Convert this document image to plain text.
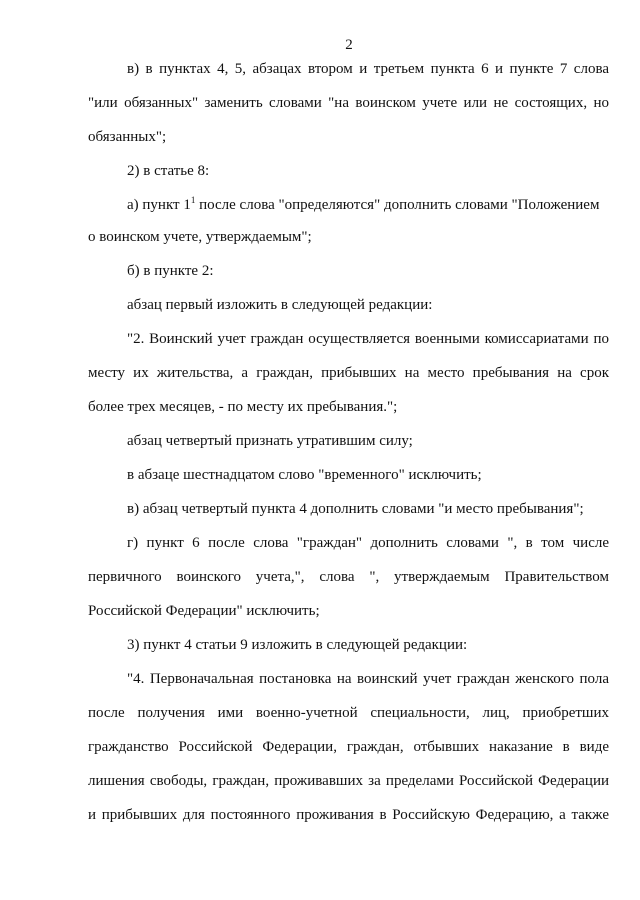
2
в) в пунктах 4, 5, абзацах втором и третьем пункта 6 и пункте 7 слова
"или обязанных" заменить словами "на воинском учете или не состоящих, но
обязанных";
2) в статье 8:
а) пункт $1^1$ после слова "определяются" дополнить словами "Положением
о воинском учете, утверждаемым";
б) в пункте 2:
абзац первый изложить в следующей редакции:
"2. Воинский учет граждан осуществляется военными комиссариатами по
месту их жительства, а граждан, прибывших на место пребывания на срок
более трех месяцев, - по месту их пребывания.";
абзац четвертый признать утратившим силу;
в абзаце шестнадцатом слово "временного" исключить;
в) абзац четвертый пункта 4 дополнить словами "и место пребывания";
г) пункт 6 после слова "граждан" дополнить словами ", в том числе
первичного воинского учета,", слова ", утверждаемым Правительством
Российской Федерации" исключить;
3) пункт 4 статьи 9 изложить в следующей редакции:
"4. Первоначальная постановка на воинский учет граждан женского пола
после получения ими военно-учетной специальности, лиц, приобретших
гражданство Российской Федерации, граждан, отбывших наказание в виде
лишения свободы, граждан, проживавших за пределами Российской Федерации
и прибывших для постоянного проживания в Российскую Федерацию, а также
